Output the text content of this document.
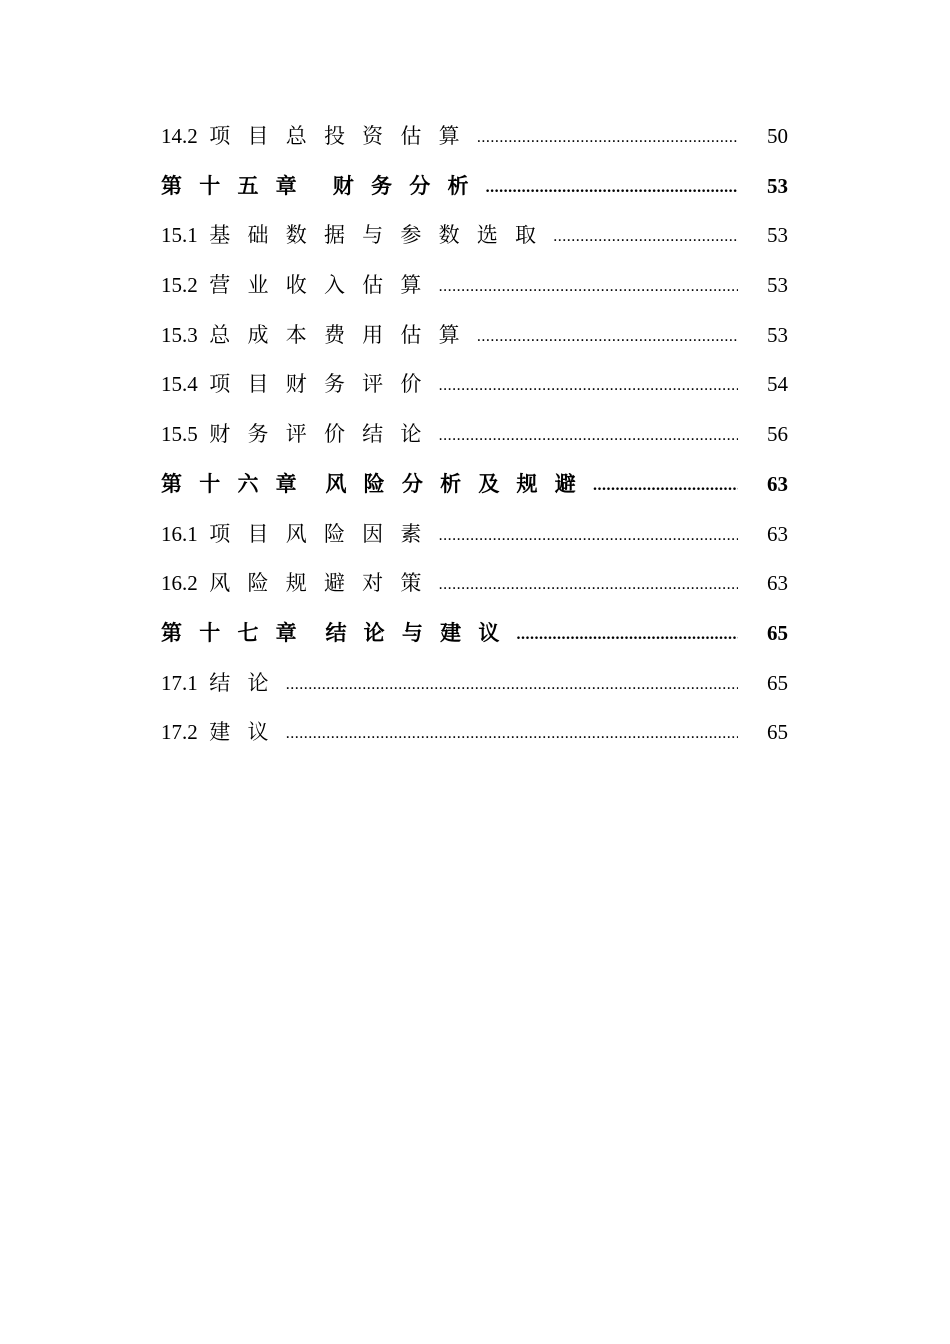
14.2 项目总投资估算 .....	50
第十五章 财务分析 .....	53
15.1 基础数据与参数选取 .....	53
15.2 营业收入估算 .....	53
15.3 总成本费用估算 .....	53
15.4 项目财务评价 .....	54
15.5 财务评价结论 .....	56
第十六章 风险分析及规避 .....	63
16.1 项目风险因素 .....	63
16.2 风险规避对策 .....	63
第十七章 结论与建议 .....	65
17.1 结论 .....	65
17.2 建议 .....	65
